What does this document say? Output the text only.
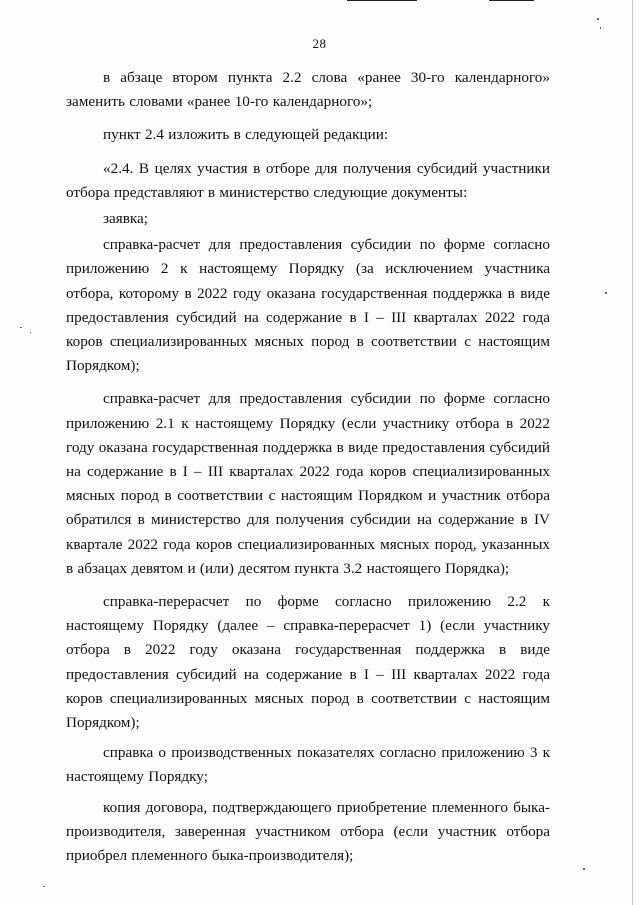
28

в абзаце втором пункта 2.2 слова «ранее 30-го календарного» заменить словами «ранее 10-го календарного»;

пункт 2.4 изложить в следующей редакции:

«2.4. В целях участия в отборе для получения субсидий участники отбора представляют в министерство следующие документы:

заявка;

справка-расчет для предоставления субсидии по форме согласно приложению 2 к настоящему Порядку (за исключением участника отбора, которому в 2022 году оказана государственная поддержка в виде предоставления субсидий на содержание в I – III кварталах 2022 года коров специализированных мясных пород в соответствии с настоящим Порядком);

справка-расчет для предоставления субсидии по форме согласно приложению 2.1 к настоящему Порядку (если участнику отбора в 2022 году оказана государственная поддержка в виде предоставления субсидий на содержание в I – III кварталах 2022 года коров специализированных мясных пород в соответствии с настоящим Порядком и участник отбора обратился в министерство для получения субсидии на содержание в IV квартале 2022 года коров специализированных мясных пород, указанных в абзацах девятом и (или) десятом пункта 3.2 настоящего Порядка);

справка-перерасчет по форме согласно приложению 2.2 к настоящему Порядку (далее – справка-перерасчет 1) (если участнику отбора в 2022 году оказана государственная поддержка в виде предоставления субсидий на содержание в I – III кварталах 2022 года коров специализированных мясных пород в соответствии с настоящим Порядком);

справка о производственных показателях согласно приложению 3 к настоящему Порядку;

копия договора, подтверждающего приобретение племенного быка-производителя, заверенная участником отбора (если участник отбора приобрел племенного быка-производителя);
